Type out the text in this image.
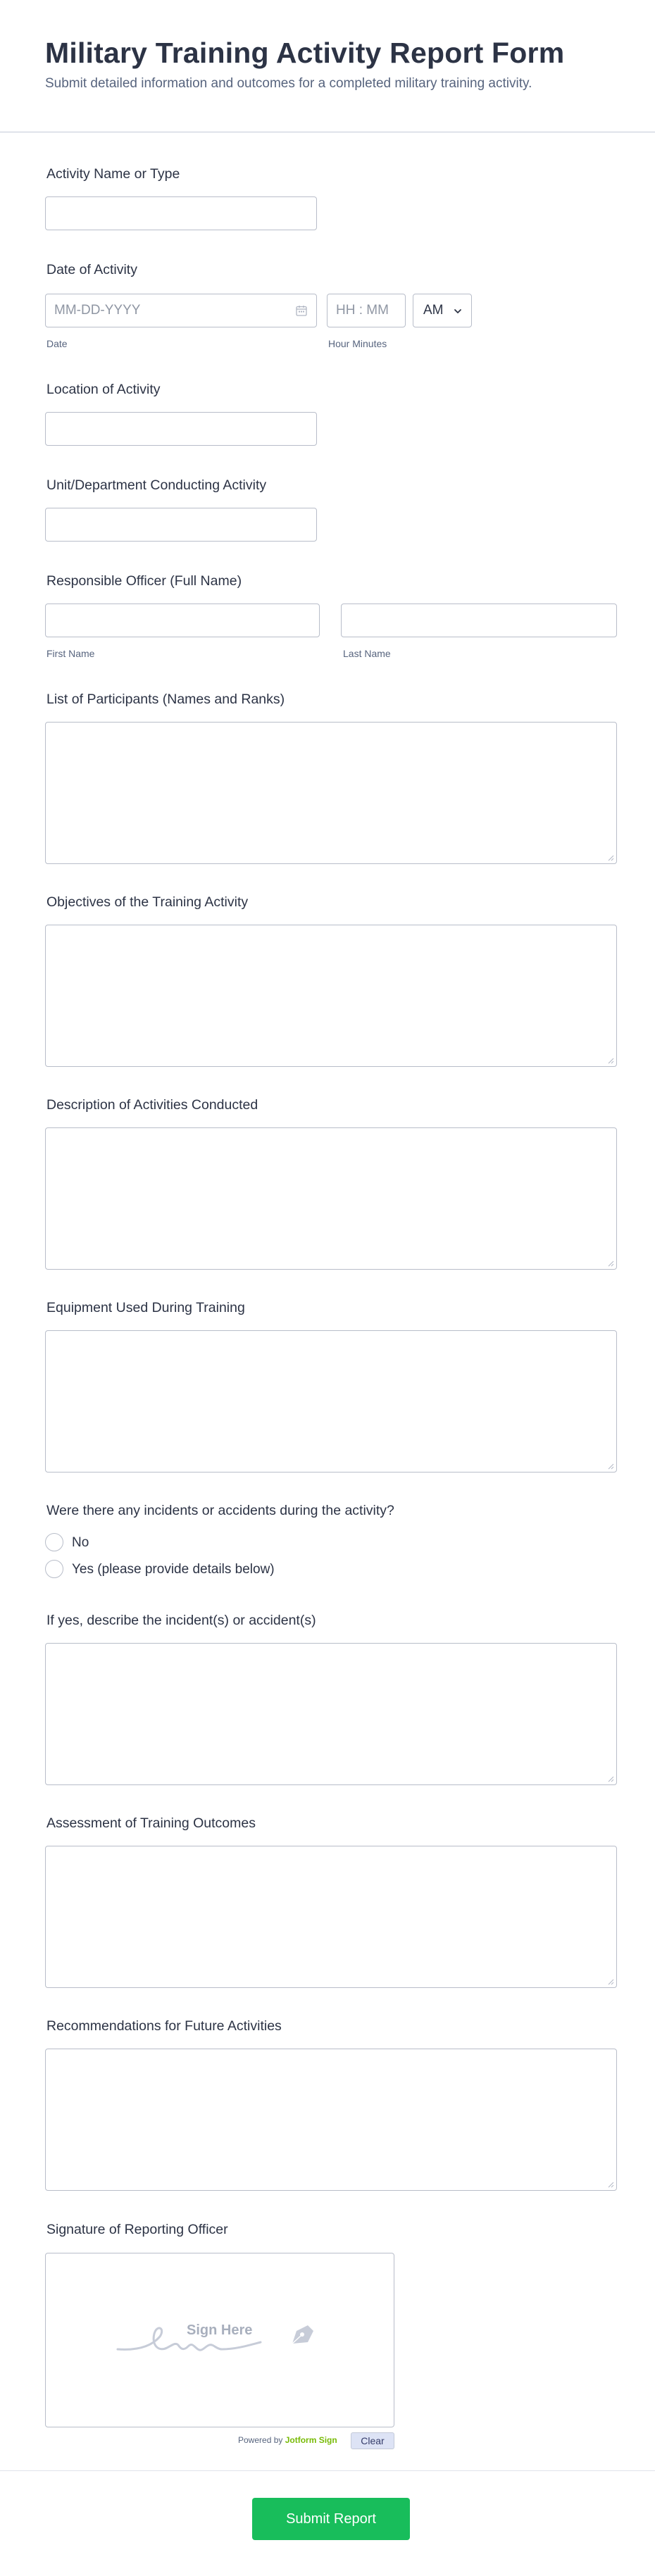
Military Training Activity Report Form
Submit detailed information and outcomes for a completed military training activity.
Activity Name or Type
Date of Activity
MM-DD-YYYY
Date
HH : MM
Hour Minutes
AM
Location of Activity
Unit/Department Conducting Activity
Responsible Officer (Full Name)
First Name	Last Name
List of Participants (Names and Ranks)
Objectives of the Training Activity
Description of Activities Conducted
Equipment Used During Training
Were there any incidents or accidents during the activity?
No
Yes (please provide details below)
If yes, describe the incident(s) or accident(s)
Assessment of Training Outcomes
Recommendations for Future Activities
Signature of Reporting Officer
Sign Here
Powered by Jotform Sign	Clear
Submit Report
